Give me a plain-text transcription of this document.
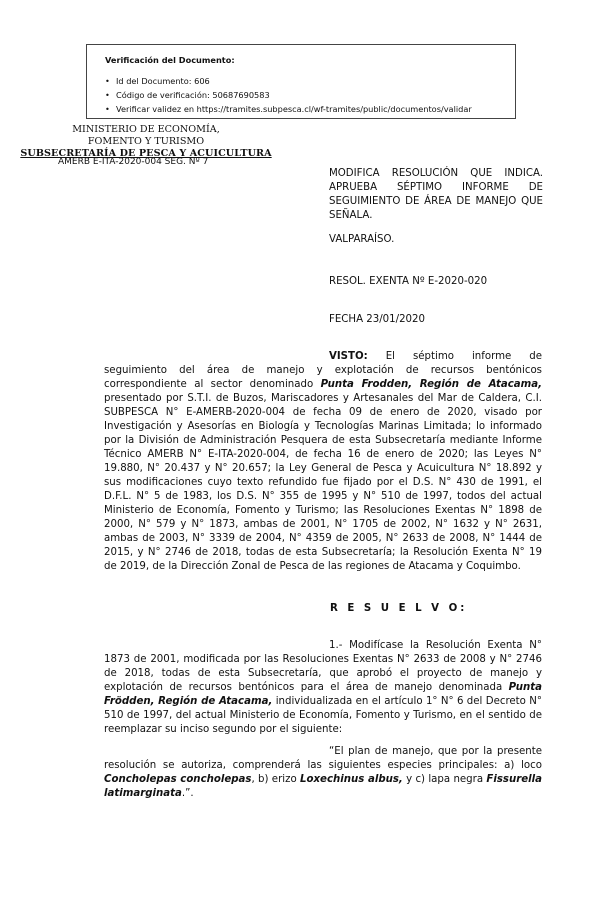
Verificación del Documento:
• Id del Documento: 606
• Código de verificación: 50687690583
• Verificar validez en https://tramites.subpesca.cl/wf-tramites/public/documentos/validar
MINISTERIO DE ECONOMÍA,
FOMENTO Y TURISMO
SUBSECRETARÍA DE PESCA Y ACUICULTURA
AMERB E-ITA-2020-004 SEG. Nº 7
MODIFICA RESOLUCIÓN QUE INDICA. APRUEBA SÉPTIMO INFORME DE SEGUIMIENTO DE ÁREA DE MANEJO QUE SEÑALA.
VALPARAÍSO.
RESOL. EXENTA Nº E-2020-020
FECHA 23/01/2020

VISTO: El séptimo informe de seguimiento del área de manejo y explotación de recursos bentónicos correspondiente al sector denominado Punta Frodden, Región de Atacama, presentado por S.T.I. de Buzos, Mariscadores y Artesanales del Mar de Caldera, C.I. SUBPESCA N° E-AMERB-2020-004 de fecha 09 de enero de 2020, visado por Investigación y Asesorías en Biología y Tecnologías Marinas Limitada; lo informado por la División de Administración Pesquera de esta Subsecretaría mediante Informe Técnico AMERB N° E-ITA-2020-004, de fecha 16 de enero de 2020; las Leyes N° 19.880, N° 20.437 y N° 20.657; la Ley General de Pesca y Acuicultura N° 18.892 y sus modificaciones cuyo texto refundido fue fijado por el D.S. N° 430 de 1991, el D.F.L. N° 5 de 1983, los D.S. N° 355 de 1995 y N° 510 de 1997, todos del actual Ministerio de Economía, Fomento y Turismo; las Resoluciones Exentas N° 1898 de 2000, N° 579 y N° 1873, ambas de 2001, N° 1705 de 2002, N° 1632 y N° 2631, ambas de 2003, N° 3339 de 2004, N° 4359 de 2005, N° 2633 de 2008, N° 1444 de 2015, y N° 2746 de 2018, todas de esta Subsecretaría; la Resolución Exenta N° 19 de 2019, de la Dirección Zonal de Pesca de las regiones de Atacama y Coquimbo.

R E S U E L V O:

1.- Modifícase la Resolución Exenta N° 1873 de 2001, modificada por las Resoluciones Exentas N° 2633 de 2008 y N° 2746 de 2018, todas de esta Subsecretaría, que aprobó el proyecto de manejo y explotación de recursos bentónicos para el área de manejo denominada Punta Frödden, Región de Atacama, individualizada en el artículo 1° N° 6 del Decreto N° 510 de 1997, del actual Ministerio de Economía, Fomento y Turismo, en el sentido de reemplazar su inciso segundo por el siguiente:

“El plan de manejo, que por la presente resolución se autoriza, comprenderá las siguientes especies principales: a) loco Concholepas concholepas, b) erizo Loxechinus albus, y c) lapa negra Fissurella latimarginata.”.
